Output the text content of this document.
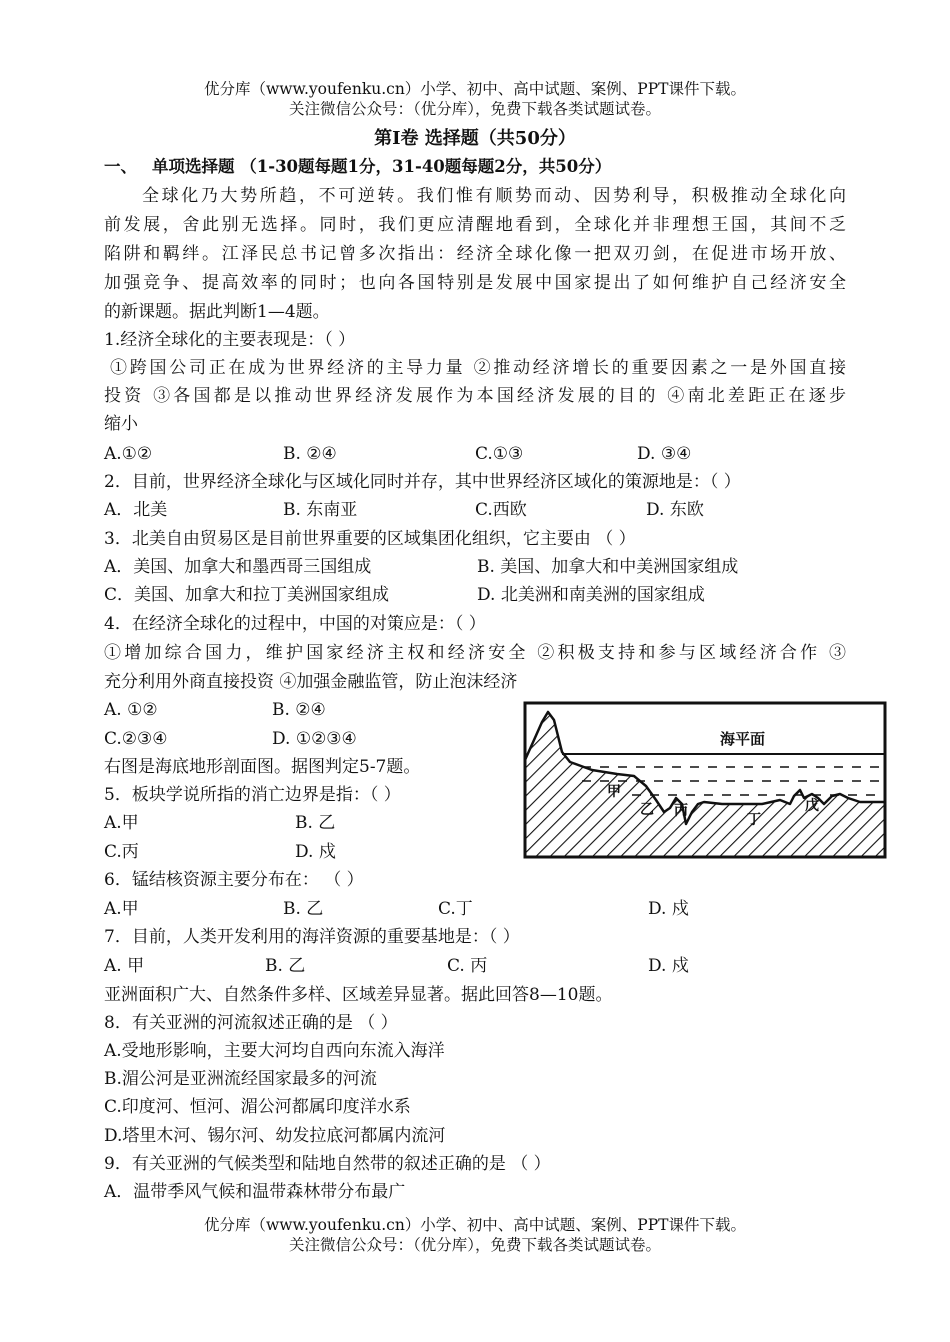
优分库（www.youfenku.cn）小学、初中、高中试题、案例、PPT课件下载。
关注微信公众号：（优分库），免费下载各类试题试卷。
第Ⅰ卷 选择题（共50分）
一、 单项选择题 （1-30题每题1分，31-40题每题2分，共50分）
全球化乃大势所趋，不可逆转。我们惟有顺势而动、因势利导，积极推动全球化向
前发展，舍此别无选择。同时，我们更应清醒地看到，全球化并非理想王国，其间不乏
陷阱和羁绊。江泽民总书记曾多次指出：经济全球化像一把双刃剑，在促进市场开放、
加强竞争、提高效率的同时；也向各国特别是发展中国家提出了如何维护自己经济安全
的新课题。据此判断1—4题。
1.经济全球化的主要表现是：（ ）
①跨国公司正在成为世界经济的主导力量 ②推动经济增长的重要因素之一是外国直接
投资 ③各国都是以推动世界经济发展作为本国经济发展的目的 ④南北差距正在逐步
缩小
A.①②	B. ②④	C.①③	D. ③④
2．目前，世界经济全球化与区域化同时并存，其中世界经济区域化的策源地是：（ ）
A．北美	B. 东南亚	C.西欧	D. 东欧
3．北美自由贸易区是目前世界重要的区域集团化组织，它主要由 （ ）
A．美国、加拿大和墨西哥三国组成	B. 美国、加拿大和中美洲国家组成
C．美国、加拿大和拉丁美洲国家组成	D. 北美洲和南美洲的国家组成
4．在经济全球化的过程中，中国的对策应是：（ ）
①增加综合国力，维护国家经济主权和经济安全 ②积极支持和参与区域经济合作 ③
充分利用外商直接投资 ④加强金融监管，防止泡沫经济
A. ①②	B. ②④
C.②③④	D. ①②③④
右图是海底地形剖面图。据图判定5-7题。
海平面
甲
乙 丙
丁
戊
5．板块学说所指的消亡边界是指：（ ）
A.甲	B. 乙
C.丙	D. 戍
6．锰结核资源主要分布在： （ ）
A.甲	B. 乙	C.丁	D. 戍
7．目前，人类开发利用的海洋资源的重要基地是：（ ）
A. 甲	B. 乙	C. 丙	D. 戍
亚洲面积广大、自然条件多样、区域差异显著。据此回答8—10题。
8．有关亚洲的河流叙述正确的是 （ ）
A.受地形影响，主要大河均自西向东流入海洋
B.湄公河是亚洲流经国家最多的河流
C.印度河、恒河、湄公河都属印度洋水系
D.塔里木河、锡尔河、幼发拉底河都属内流河
9．有关亚洲的气候类型和陆地自然带的叙述正确的是 （ ）
A．温带季风气候和温带森林带分布最广
优分库（www.youfenku.cn）小学、初中、高中试题、案例、PPT课件下载。
关注微信公众号：（优分库），免费下载各类试题试卷。
